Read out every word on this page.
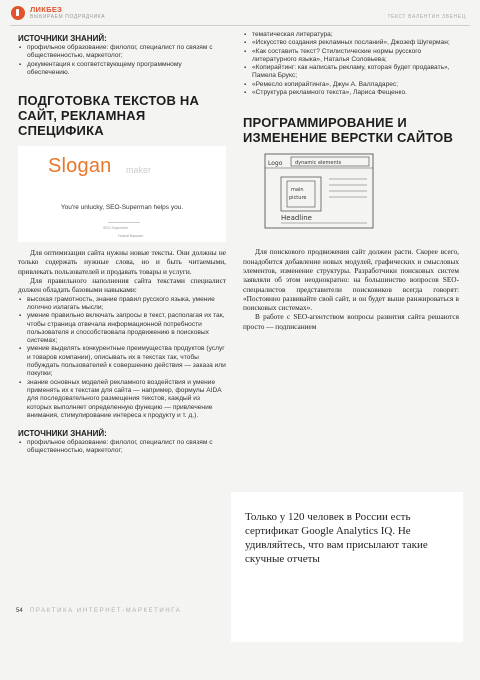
ЛИКБЕЗ
ВЫБИРАЕМ ПОДРЯДЧИКА	ТЕКСТ ВАЛЕНТИН ЗВЕНЕЦ
ИСТОЧНИКИ ЗНАНИЙ:
▪ профильное образование: филолог, специалист по связям с общественностью, маркетолог;
▪ документация к соответствующему программному обеспечению.
ПОДГОТОВКА ТЕКСТОВ НА САЙТ, РЕКЛАМНАЯ СПЕЦИФИКА
Slogan maker
You're unlucky, SEO-Superman helps you.
SEO-Superman
Новый Вариант

Для оптимизации сайта нужны новые тексты. Они должны не только содержать нужные слова, но и быть читаемыми, привлекать пользователей и продавать товары и услуги.

Для правильного наполнения сайта текстами специалист должен обладать базовыми навыками:

▪ высокая грамотность, знание правил русского языка, умение логично излагать мысли;
▪ умение правильно включать запросы в текст, располагая их так, чтобы страница отвечала информационной потребности пользователя и способствовала продвижению в поисковых системах;
▪ умение выделять конкурентные преимущества продуктов (услуг и товаров компании), описывать их в текстах так, чтобы побуждать пользователей к совершению действия — заказа или покупки;
▪ знание основных моделей рекламного воздействия и умение применять их к текстам для сайта — например, формулы AIDA для последовательного размещения текстов, каждый из которых выполняет определенную функцию — привлечение внимания, стимулирование интереса к продукту и т. д.).
ИСТОЧНИКИ ЗНАНИЙ:
▪ профильное образование: филолог, специалист по связям с общественностью, маркетолог;
▪ тематическая литература;
▪ «Искусство создания рекламных посланий», Джозеф Шугерман;
▪ «Как составить текст? Стилистические нормы русского литературного языка», Наталья Соловьева;
▪ «Копирайтинг: как написать рекламу, которая будет продавать», Памела Брукс;
▪ «Ремесло копирайтинга», Джун А. Валладарес;
▪ «Структура рекламного текста», Лариса Фещенко.
ПРОГРАММИРОВАНИЕ И ИЗМЕНЕНИЕ ВЕРСТКИ САЙТОВ
Logo	dynamic elements
main
picture
Headline

Для поискового продвижения сайт должен расти. Скорее всего, понадобится добавление новых модулей, графических и смысловых элементов, изменение структуры. Разработчики поисковых систем заявляли об этом неоднократно: на большинство вопросов SEO-специалистов представители поисковиков всегда говорят: «Постоянно развивайте свой сайт, и он будет выше ранжироваться в поисковых системах».

В работе с SEO-агентством вопросы развития сайта решаются просто — подписанием

Только у 120 человек в России есть сертификат Google Analytics IQ. Не удивляйтесь, что вам присылают такие скучные отчеты

54 ПРАКТИКА ИНТЕРНЕТ-МАРКЕТИНГА
